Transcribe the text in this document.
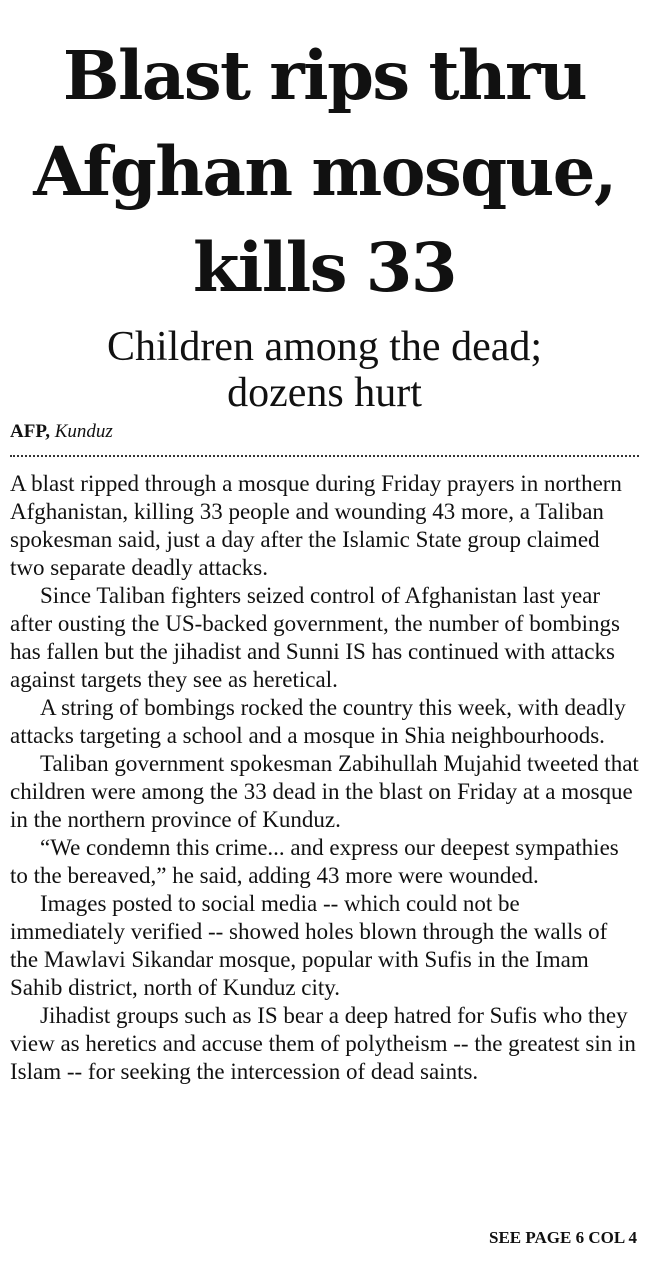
Blast rips thru
Afghan mosque,
kills 33
Children among the dead;
dozens hurt
AFP, Kunduz

A blast ripped through a mosque during Friday prayers in northern Afghanistan, killing 33 people and wounding 43 more, a Taliban spokesman said, just a day after the Islamic State group claimed two separate deadly attacks.

Since Taliban fighters seized control of Afghanistan last year after ousting the US-backed government, the number of bombings has fallen but the jihadist and Sunni IS has continued with attacks against targets they see as heretical.

A string of bombings rocked the country this week, with deadly attacks targeting a school and a mosque in Shia neighbourhoods.

Taliban government spokesman Zabihullah Mujahid tweeted that children were among the 33 dead in the blast on Friday at a mosque in the northern province of Kunduz.

“We condemn this crime... and express our deepest sympathies to the bereaved,” he said, adding 43 more were wounded.

Images posted to social media -- which could not be immediately verified -- showed holes blown through the walls of the Mawlavi Sikandar mosque, popular with Sufis in the Imam Sahib district, north of Kunduz city.

Jihadist groups such as IS bear a deep hatred for Sufis who they view as heretics and accuse them of polytheism -- the greatest sin in Islam -- for seeking the intercession of dead saints.

SEE PAGE 6 COL 4
